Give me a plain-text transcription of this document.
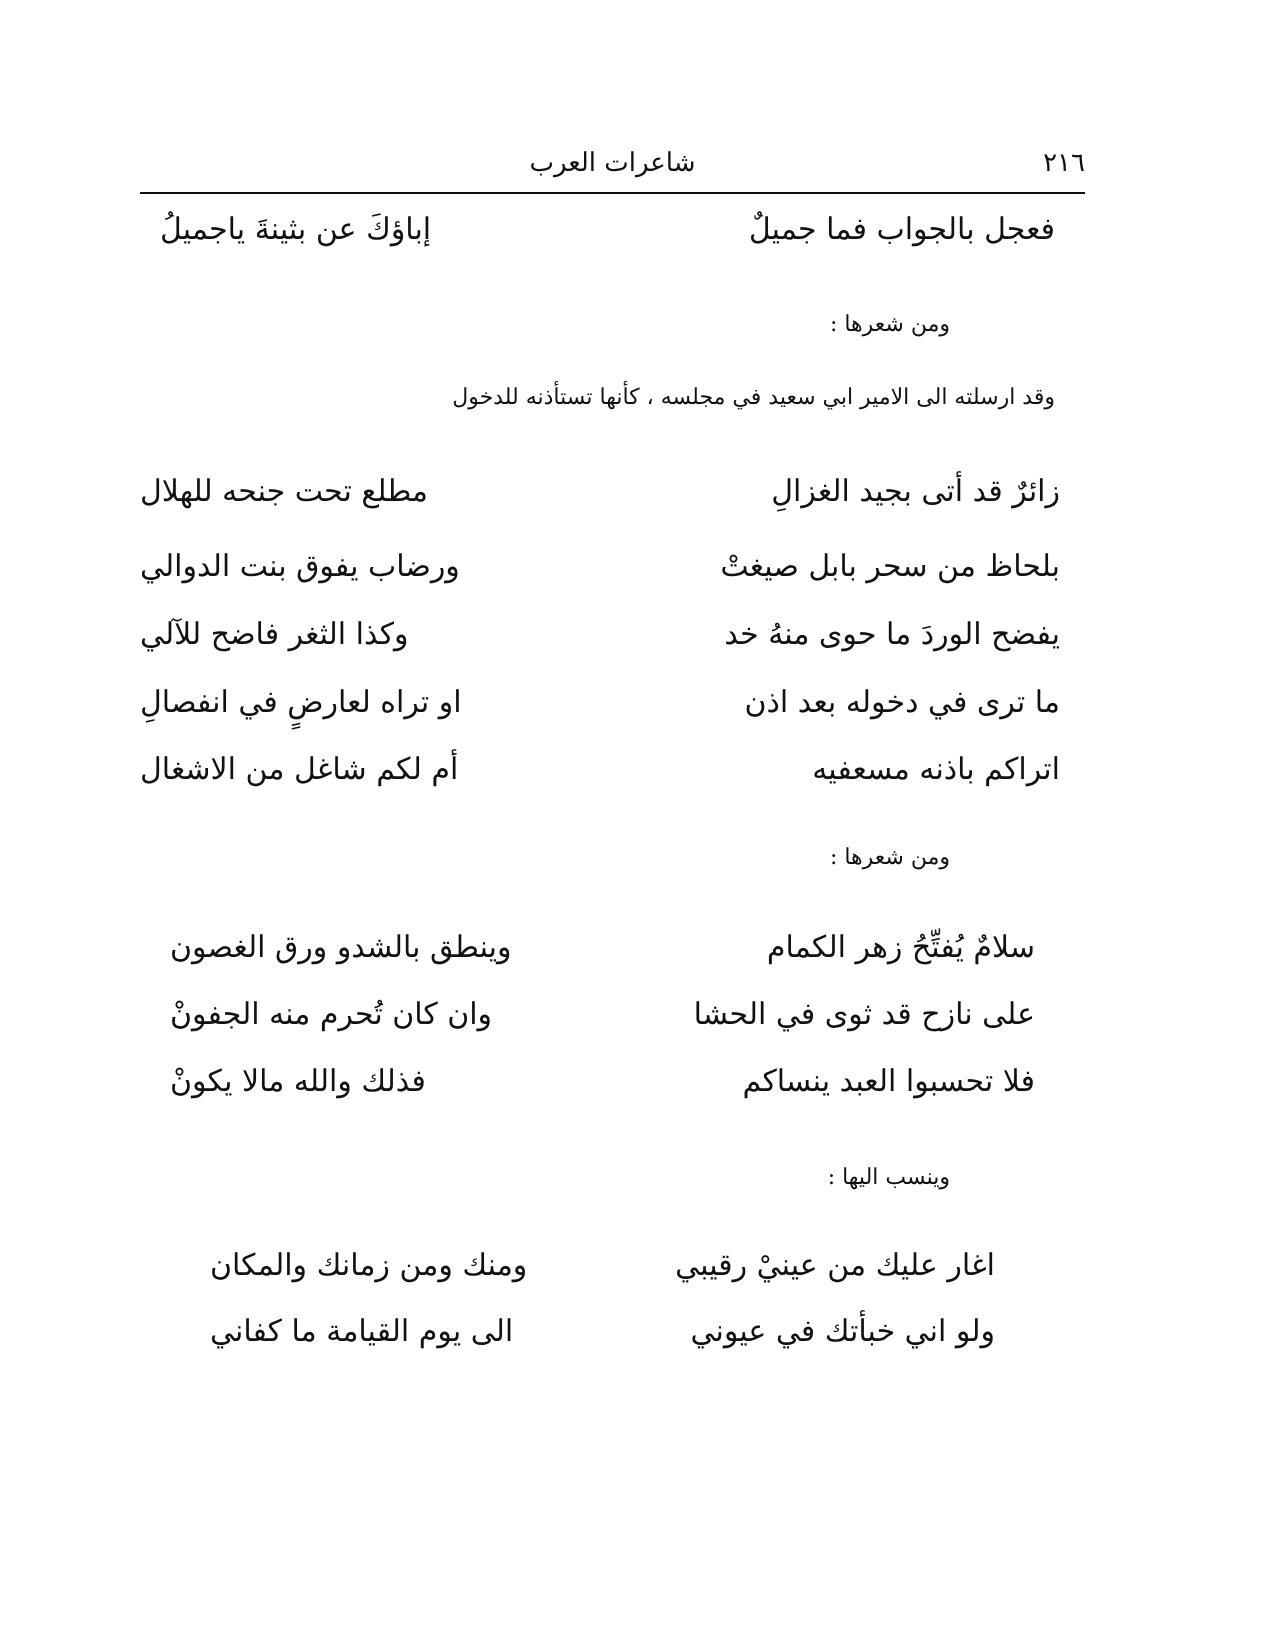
٢١٦
شاعرات العرب
فعجل بالجواب فما جميلٌ
إباؤكَ عن بثينةَ ياجميلُ
ومن شعرها :
وقد ارسلته الى الامير ابي سعيد في مجلسه ، كأنها تستأذنه للدخول
زائرٌ قد أتى بجيد الغزالِ
مطلع تحت جنحه للهلال
بلحاظ من سحر بابل صيغتْ
ورضاب يفوق بنت الدوالي
يفضح الوردَ ما حوى منهُ خد
وكذا الثغر فاضح للآلي
ما ترى في دخوله بعد اذن
او تراه لعارضٍ في انفصالِ
اتراكم باذنه مسعفيه
أم لكم شاغل من الاشغال
ومن شعرها :
سلامٌ يُفتِّحُ زهر الكمام
وينطق بالشدو ورق الغصون
على نازح قد ثوى في الحشا
وان كان تُحرم منه الجفونْ
فلا تحسبوا العبد ينساكم
فذلك والله مالا يكونْ
وينسب اليها :
اغار عليك من عينيْ رقيبي
ومنك ومن زمانك والمكان
ولو اني خبأتك في عيوني
الى يوم القيامة ما كفاني
